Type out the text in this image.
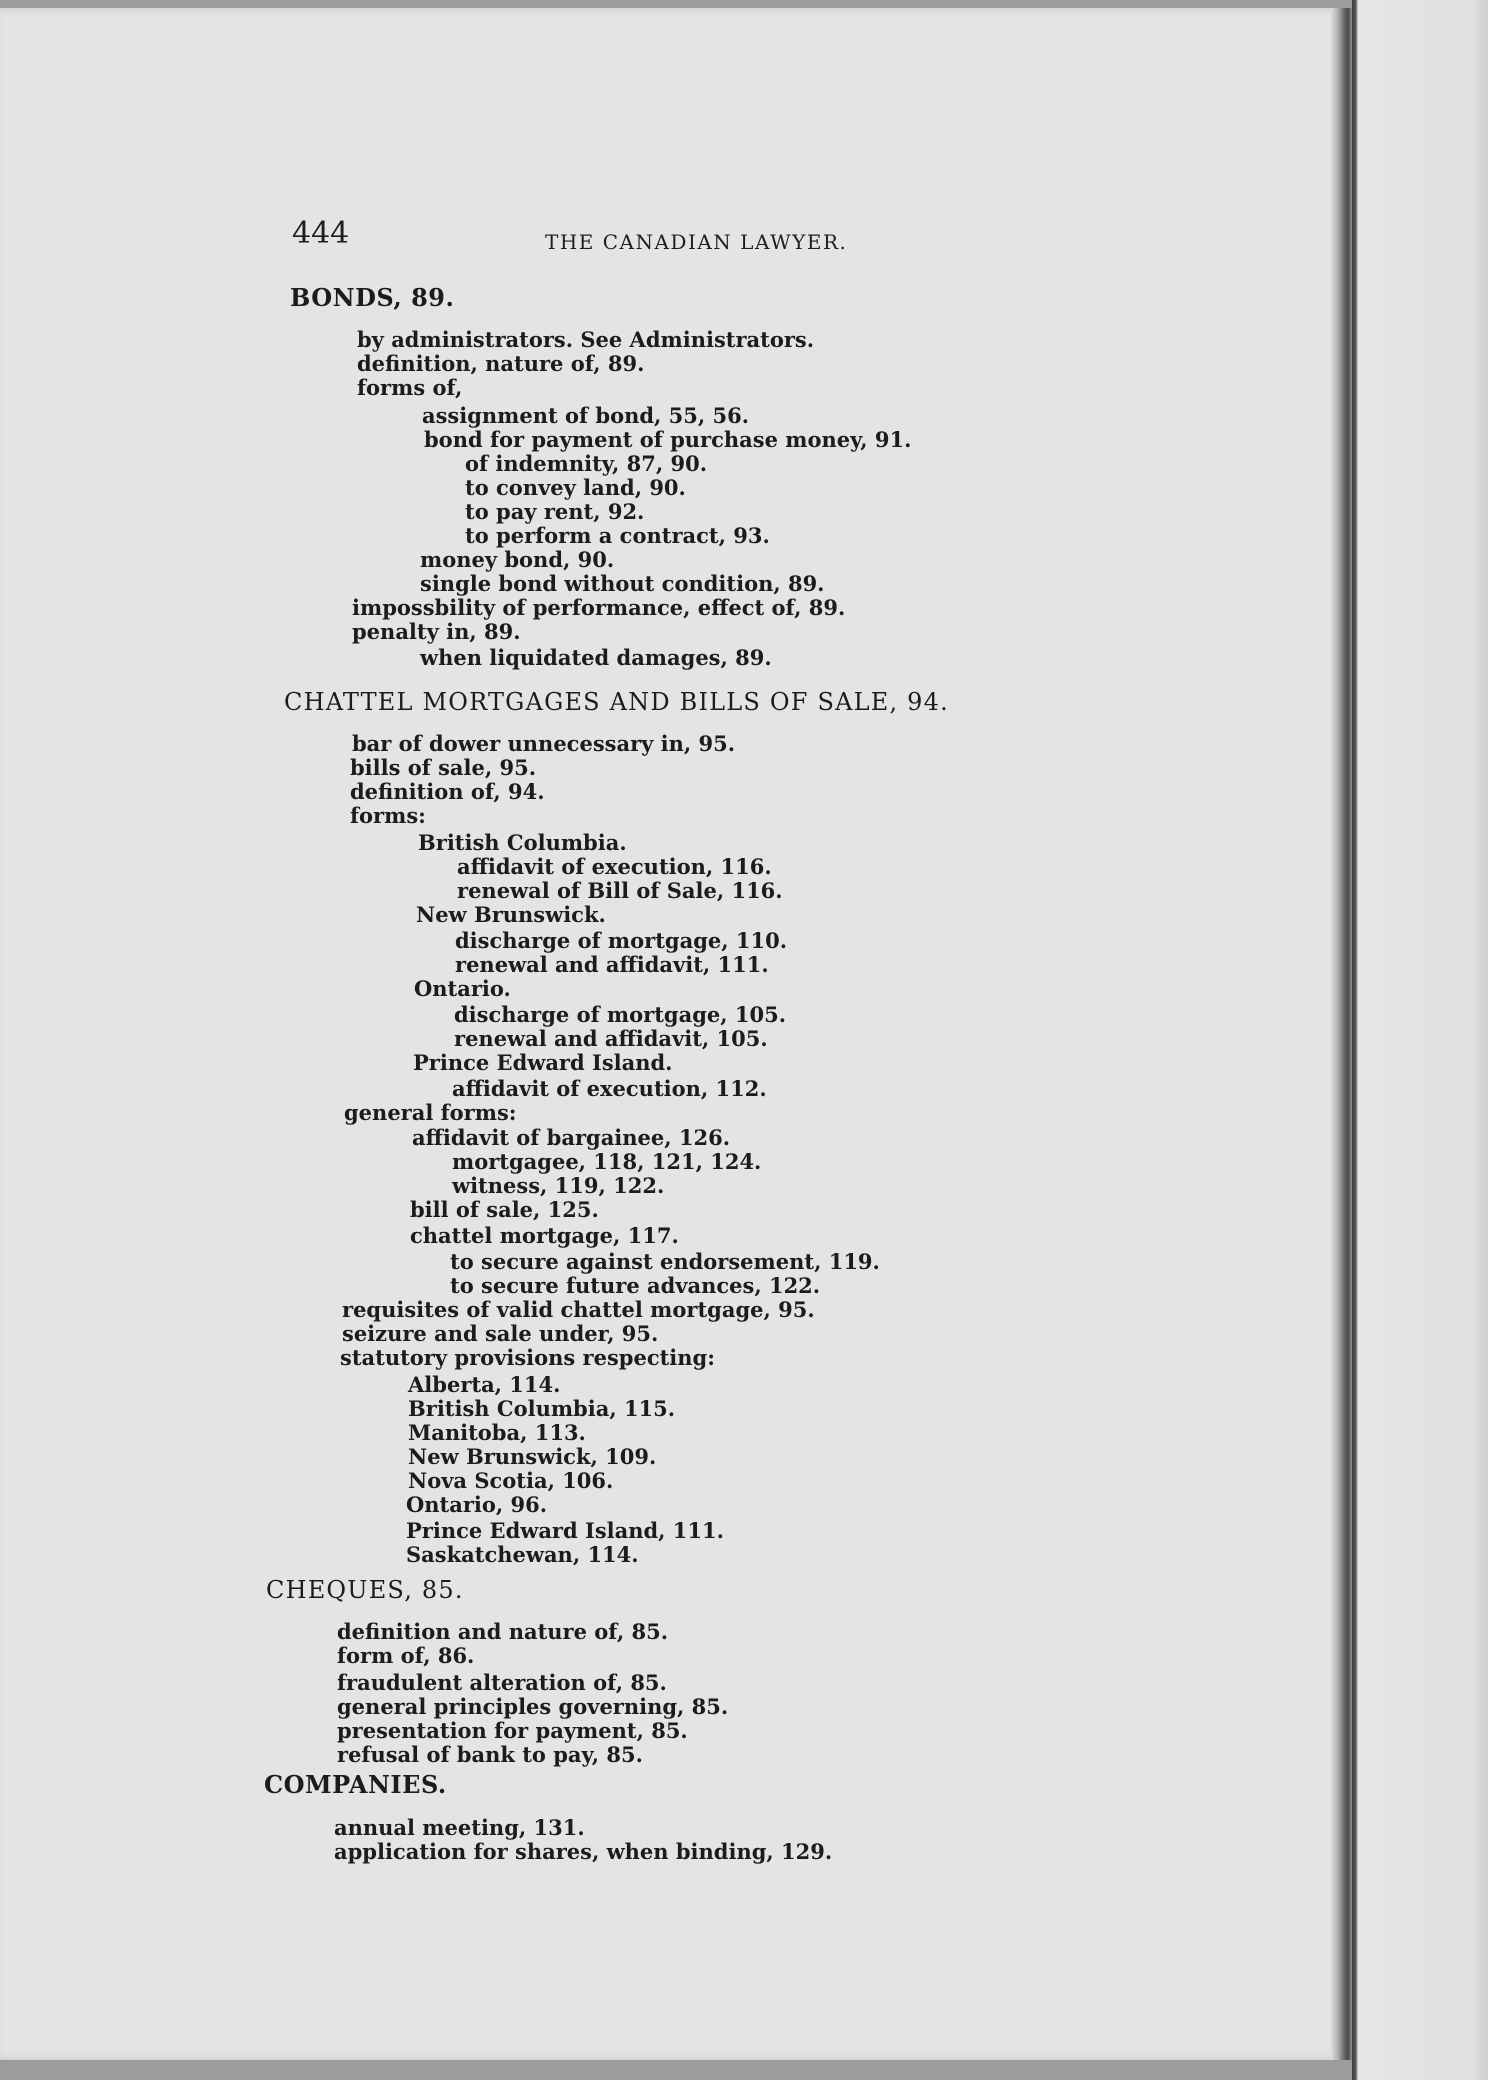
444	THE CANADIAN LAWYER.
BONDS, 89.
by administrators. See Administrators.
definition, nature of, 89.
forms of,
assignment of bond, 55, 56.
bond for payment of purchase money, 91.
of indemnity, 87, 90.
to convey land, 90.
to pay rent, 92.
to perform a contract, 93.
money bond, 90.
single bond without condition, 89.
impossbility of performance, effect of, 89.
penalty in, 89.
when liquidated damages, 89.
CHATTEL MORTGAGES AND BILLS OF SALE, 94.
bar of dower unnecessary in, 95.
bills of sale, 95.
definition of, 94.
forms:
British Columbia.
affidavit of execution, 116.
renewal of Bill of Sale, 116.
New Brunswick.
discharge of mortgage, 110.
renewal and affidavit, 111.
Ontario.
discharge of mortgage, 105.
renewal and affidavit, 105.
Prince Edward Island.
affidavit of execution, 112.
general forms:
affidavit of bargainee, 126.
mortgagee, 118, 121, 124.
witness, 119, 122.
bill of sale, 125.
chattel mortgage, 117.
to secure against endorsement, 119.
to secure future advances, 122.
requisites of valid chattel mortgage, 95.
seizure and sale under, 95.
statutory provisions respecting:
Alberta, 114.
British Columbia, 115.
Manitoba, 113.
New Brunswick, 109.
Nova Scotia, 106.
Ontario, 96.
Prince Edward Island, 111.
Saskatchewan, 114.
CHEQUES, 85.
definition and nature of, 85.
form of, 86.
fraudulent alteration of, 85.
general principles governing, 85.
presentation for payment, 85.
refusal of bank to pay, 85.
COMPANIES.
annual meeting, 131.
application for shares, when binding, 129.
